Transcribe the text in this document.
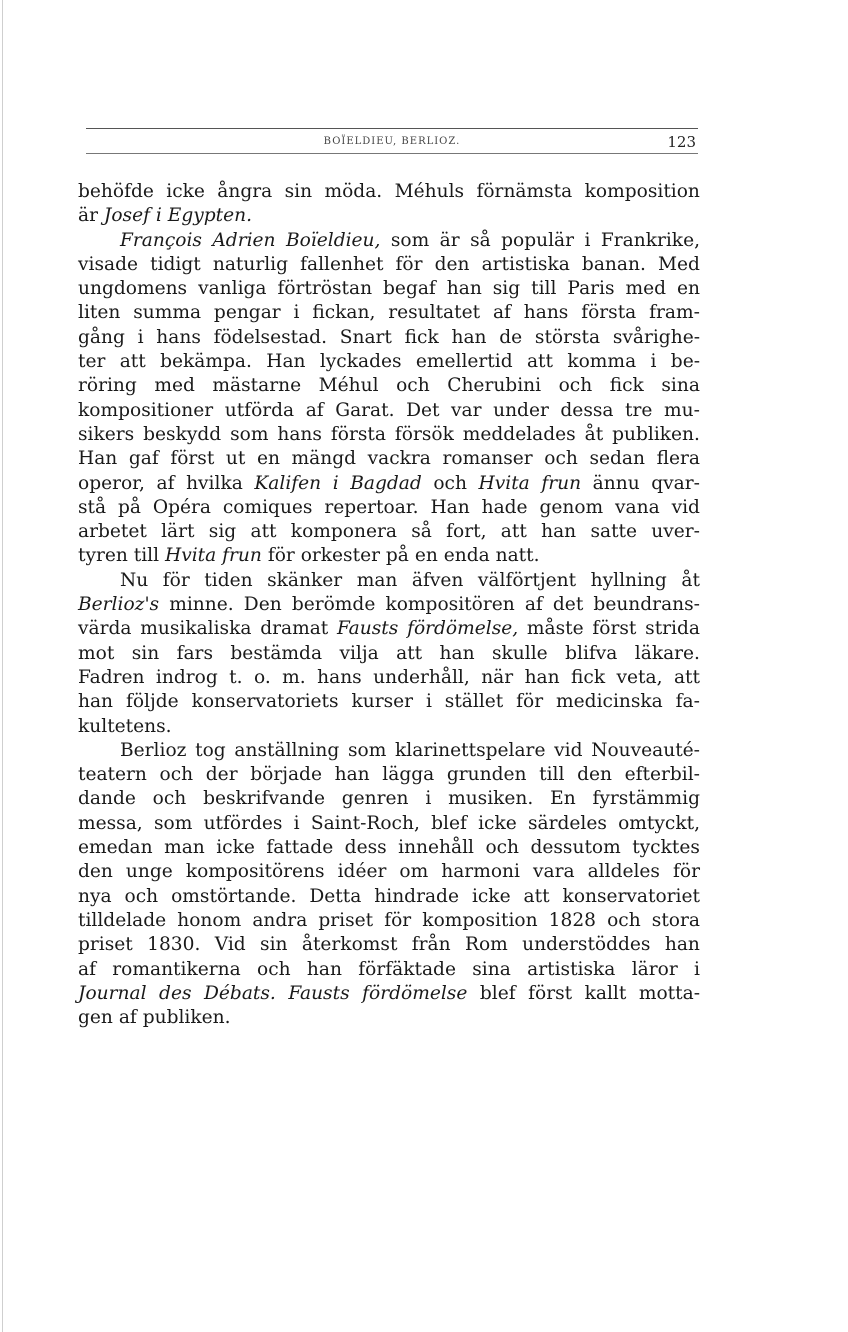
BOÏELDIEU, BERLIOZ.	123
behöfde icke ångra sin möda. Méhuls förnämsta komposition
är
Josef
i
Egypten.
François Adrien Boïeldieu, som är så populär i Frankrike,
visade tidigt naturlig fallenhet för den artistiska banan. Med
ungdomens vanliga förtröstan begaf han sig till Paris med en
liten summa pengar i fickan, resultatet af hans första fram-
gång i hans födelsestad. Snart fick han de största svårighe-
ter att bekämpa. Han lyckades emellertid att komma i be-
röring med mästarne Méhul och Cherubini och fick sina
kompositioner utförda af Garat. Det var under dessa tre mu-
sikers beskydd som hans första försök meddelades åt publiken.
Han gaf först ut en mängd vackra romanser och sedan flera
operor, af hvilka Kalifen i Bagdad och Hvita frun ännu qvar-
stå på Opéra comiques repertoar. Han hade genom vana vid
arbetet lärt sig att komponera så fort, att han satte uver-
tyren
till
Hvita
frun
för
orkester
på
en
enda
natt.
Nu för tiden skänker man äfven välförtjent hyllning åt
Berlioz's minne. Den berömde kompositören af det beundrans-
värda musikaliska dramat Fausts fördömelse, måste först strida
mot sin fars bestämda vilja att han skulle blifva läkare.
Fadren indrog t. o. m. hans underhåll, när han fick veta, att
han följde konservatoriets kurser i stället för medicinska fa-
kultetens.
Berlioz tog anställning som klarinettspelare vid Nouveauté-
teatern och der började han lägga grunden till den efterbil-
dande och beskrifvande genren i musiken. En fyrstämmig
messa, som utfördes i Saint-Roch, blef icke särdeles omtyckt,
emedan man icke fattade dess innehåll och dessutom tycktes
den unge kompositörens idéer om harmoni vara alldeles för
nya och omstörtande. Detta hindrade icke att konservatoriet
tilldelade honom andra priset för komposition 1828 och stora
priset 1830. Vid sin återkomst från Rom understöddes han
af romantikerna och han förfäktade sina artistiska läror i
Journal des Débats. Fausts fördömelse blef först kallt motta-
gen
af
publiken.
